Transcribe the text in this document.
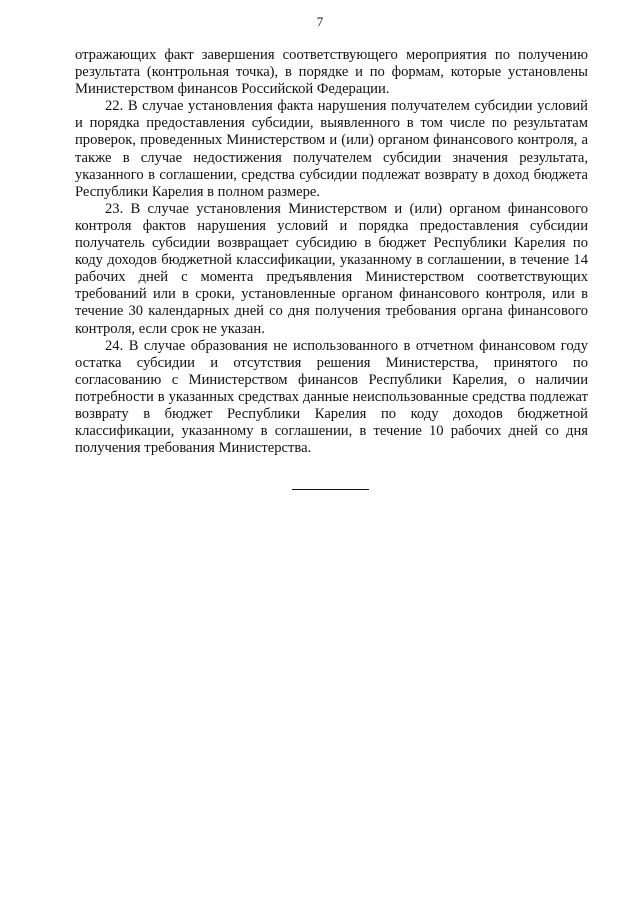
7

отражающих факт завершения соответствующего мероприятия по получению результата (контрольная точка), в порядке и по формам, которые установлены Министерством финансов Российской Федерации.

22. В случае установления факта нарушения получателем субсидии условий и порядка предоставления субсидии, выявленного в том числе по результатам проверок, проведенных Министерством и (или) органом финансового контроля, а также в случае недостижения получателем субсидии значения результата, указанного в соглашении, средства субсидии подлежат возврату в доход бюджета Республики Карелия в полном размере.

23. В случае установления Министерством и (или) органом финансового контроля фактов нарушения условий и порядка предоставления субсидии получатель субсидии возвращает субсидию в бюджет Республики Карелия по коду доходов бюджетной классификации, указанному в соглашении, в течение 14 рабочих дней с момента предъявления Министерством соответствующих требований или в сроки, установленные органом финансового контроля, или в течение 30 календарных дней со дня получения требования органа финансового контроля, если срок не указан.

24. В случае образования не использованного в отчетном финансовом году остатка субсидии и отсутствия решения Министерства, принятого по согласованию с Министерством финансов Республики Карелия, о наличии потребности в указанных средствах данные неиспользованные средства подлежат возврату в бюджет Республики Карелия по коду доходов бюджетной классификации, указанному в соглашении, в течение 10 рабочих дней со дня получения требования Министерства.
